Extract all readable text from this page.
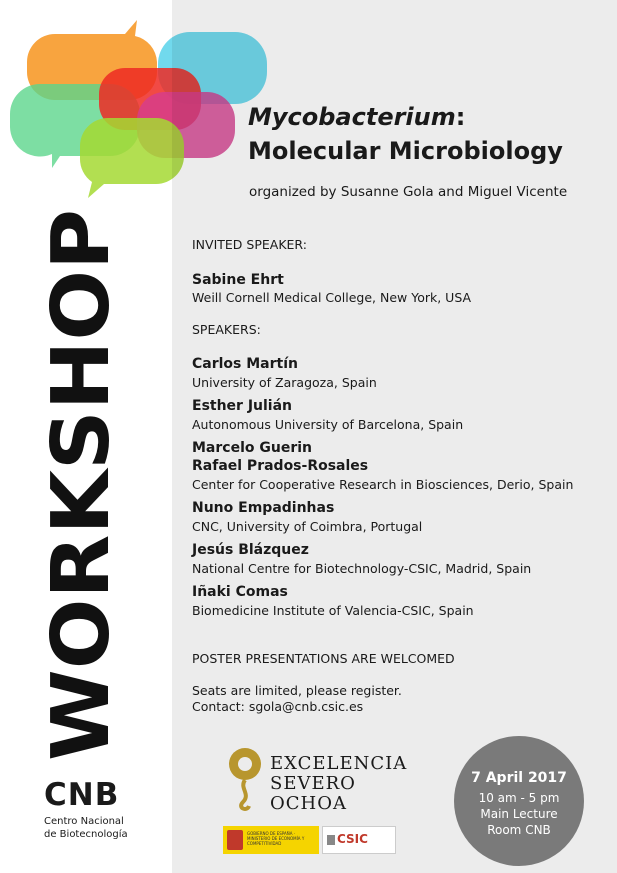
WORKSHOP
CNB
Centro Nacional
de Biotecnología
Mycobacterium:
Molecular Microbiology
organized by Susanne Gola and Miguel Vicente
INVITED SPEAKER:
Sabine Ehrt
Weill Cornell Medical College, New York, USA
SPEAKERS:
Carlos Martín
University of Zaragoza, Spain
Esther Julián
Autonomous University of Barcelona, Spain
Marcelo Guerin
Rafael Prados-Rosales
Center for Cooperative Research in Biosciences, Derio, Spain
Nuno Empadinhas
CNC, University of Coimbra, Portugal
Jesús Blázquez
National Centre for Biotechnology-CSIC, Madrid, Spain
Iñaki Comas
Biomedicine Institute of Valencia-CSIC, Spain
POSTER PRESENTATIONS ARE WELCOMED
Seats are limited, please register.
Contact: sgola@cnb.csic.es
EXCELENCIA
SEVERO
OCHOA
GOBIERNO DE ESPAÑA · MINISTERIO DE ECONOMÍA Y COMPETITIVIDAD	CSIC
7 April 2017
10 am - 5 pm
Main Lecture
Room CNB
